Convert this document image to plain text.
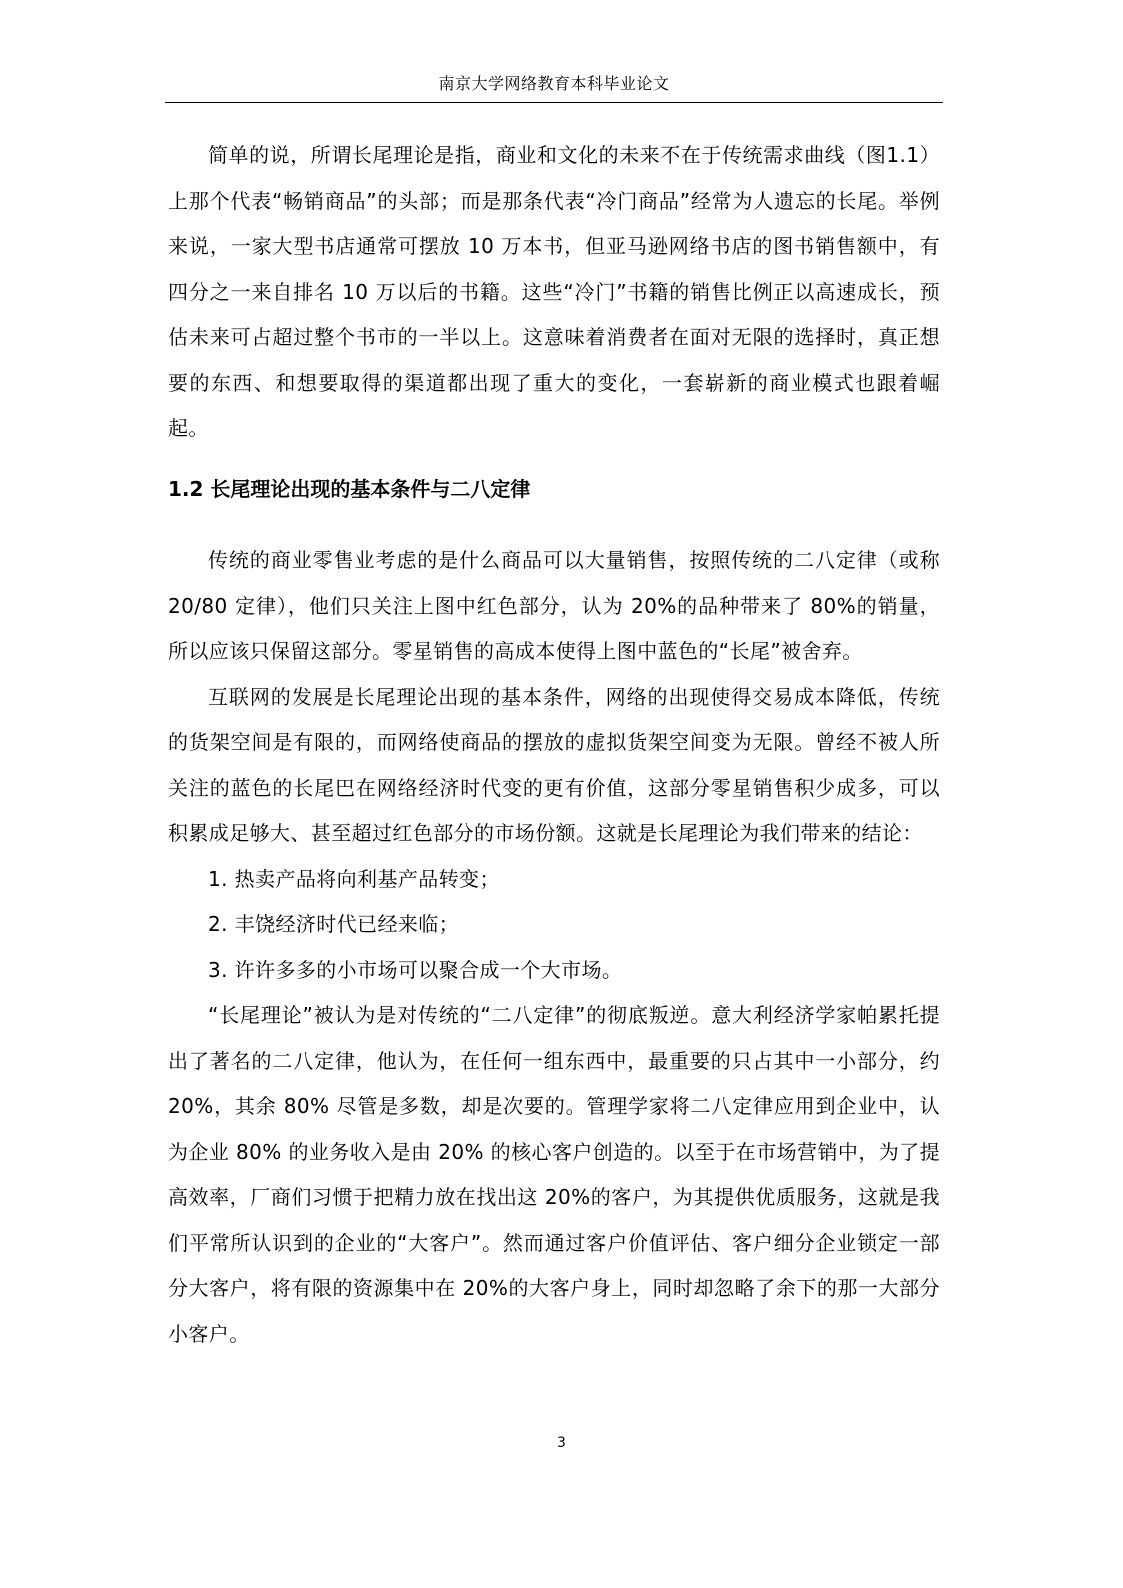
南京大学网络教育本科毕业论文

简单的说，所谓长尾理论是指，商业和文化的未来不在于传统需求曲线（图1.1）上那个代表“畅销商品”的头部；而是那条代表“冷门商品”经常为人遗忘的长尾。举例来说，一家大型书店通常可摆放 10 万本书，但亚马逊网络书店的图书销售额中，有四分之一来自排名 10 万以后的书籍。这些“冷门”书籍的销售比例正以高速成长，预估未来可占超过整个书市的一半以上。这意味着消费者在面对无限的选择时，真正想要的东西、和想要取得的渠道都出现了重大的变化，一套崭新的商业模式也跟着崛起。

1.2 长尾理论出现的基本条件与二八定律

传统的商业零售业考虑的是什么商品可以大量销售，按照传统的二八定律（或称 20/80 定律），他们只关注上图中红色部分，认为 20%的品种带来了 80%的销量，所以应该只保留这部分。零星销售的高成本使得上图中蓝色的“长尾”被舍弃。

互联网的发展是长尾理论出现的基本条件，网络的出现使得交易成本降低，传统的货架空间是有限的，而网络使商品的摆放的虚拟货架空间变为无限。曾经不被人所关注的蓝色的长尾巴在网络经济时代变的更有价值，这部分零星销售积少成多，可以积累成足够大、甚至超过红色部分的市场份额。这就是长尾理论为我们带来的结论：

1. 热卖产品将向利基产品转变；

2. 丰饶经济时代已经来临；

3. 许许多多的小市场可以聚合成一个大市场。

“长尾理论”被认为是对传统的“二八定律”的彻底叛逆。意大利经济学家帕累托提出了著名的二八定律，他认为，在任何一组东西中，最重要的只占其中一小部分，约 20%，其余 80% 尽管是多数，却是次要的。管理学家将二八定律应用到企业中，认为企业 80% 的业务收入是由 20% 的核心客户创造的。以至于在市场营销中，为了提高效率，厂商们习惯于把精力放在找出这 20%的客户，为其提供优质服务，这就是我们平常所认识到的企业的“大客户”。然而通过客户价值评估、客户细分企业锁定一部分大客户，将有限的资源集中在 20%的大客户身上，同时却忽略了余下的那一大部分小客户。

3
